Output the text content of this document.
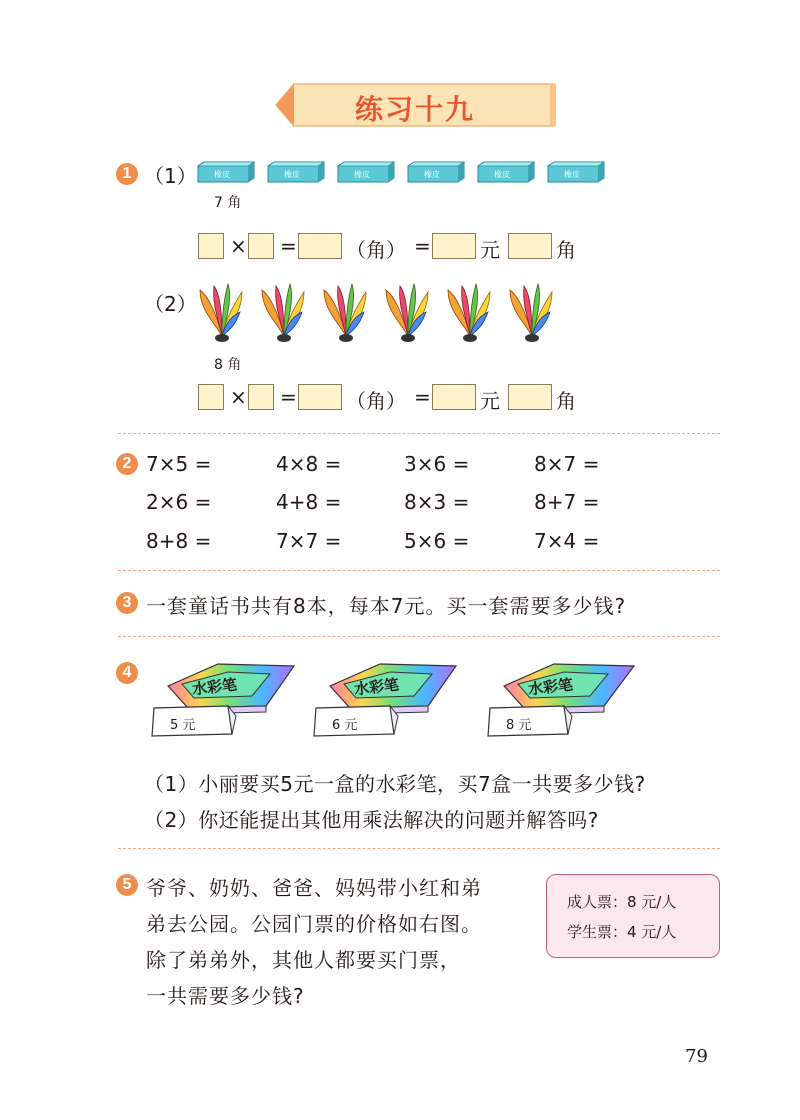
练习十九
1 （1） 橡皮	橡皮	橡皮	橡皮	橡皮	橡皮
7 角
× = （角） = 元	角
（2）
8 角
× = （角） = 元	角
2 7×5 =	4×8 =	3×6 =	8×7 =
2×6 =	4+8 =	8×3 =	8+7 =
8+8 =	7×7 =	5×6 =	7×4 =
3 一套童话书共有8本，每本7元。买一套需要多少钱?
4
水彩笔
5 元
水彩笔
6 元
水彩笔
8 元
（1）小丽要买5元一盒的水彩笔，买7盒一共要多少钱?
（2）你还能提出其他用乘法解决的问题并解答吗?
5 爷爷、奶奶、爸爸、妈妈带小红和弟
弟去公园。公园门票的价格如右图。
除了弟弟外，其他人都要买门票，
一共需要多少钱?
成人票：8 元/人
学生票：4 元/人
79
